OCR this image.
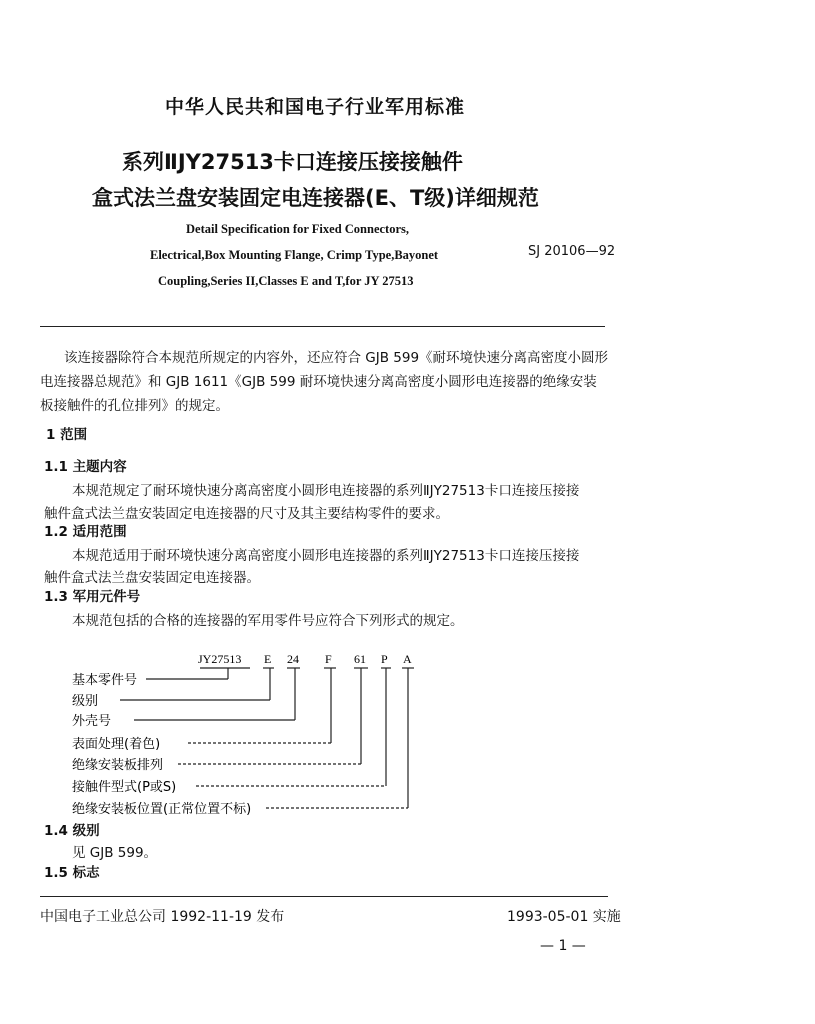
中华人民共和国电子行业军用标准
系列ⅡJY27513卡口连接压接接触件
盒式法兰盘安装固定电连接器(E、T级)详细规范
Detail Specification for Fixed Connectors,
Electrical,Box Mounting Flange, Crimp Type,Bayonet
Coupling,Series II,Classes E and T,for JY 27513
SJ 20106—92
该连接器除符合本规范所规定的内容外，还应符合 GJB 599《耐环境快速分离高密度小圆形
电连接器总规范》和 GJB 1611《GJB 599 耐环境快速分离高密度小圆形电连接器的绝缘安装
板接触件的孔位排列》的规定。
1 范围
1.1 主题内容
本规范规定了耐环境快速分离高密度小圆形电连接器的系列ⅡJY27513卡口连接压接接
触件盒式法兰盘安装固定电连接器的尺寸及其主要结构零件的要求。
1.2 适用范围
本规范适用于耐环境快速分离高密度小圆形电连接器的系列ⅡJY27513卡口连接压接接
触件盒式法兰盘安装固定电连接器。
1.3 军用元件号
本规范包括的合格的连接器的军用零件号应符合下列形式的规定。
JY27513 E 24 F 61 P A
基本零件号
级别
外壳号
表面处理(着色)
绝缘安装板排列
接触件型式(P或S)
绝缘安装板位置(正常位置不标)
1.4 级别
见 GJB 599。
1.5 标志
中国电子工业总公司 1992-11-19 发布	1993-05-01 实施
— 1 —
